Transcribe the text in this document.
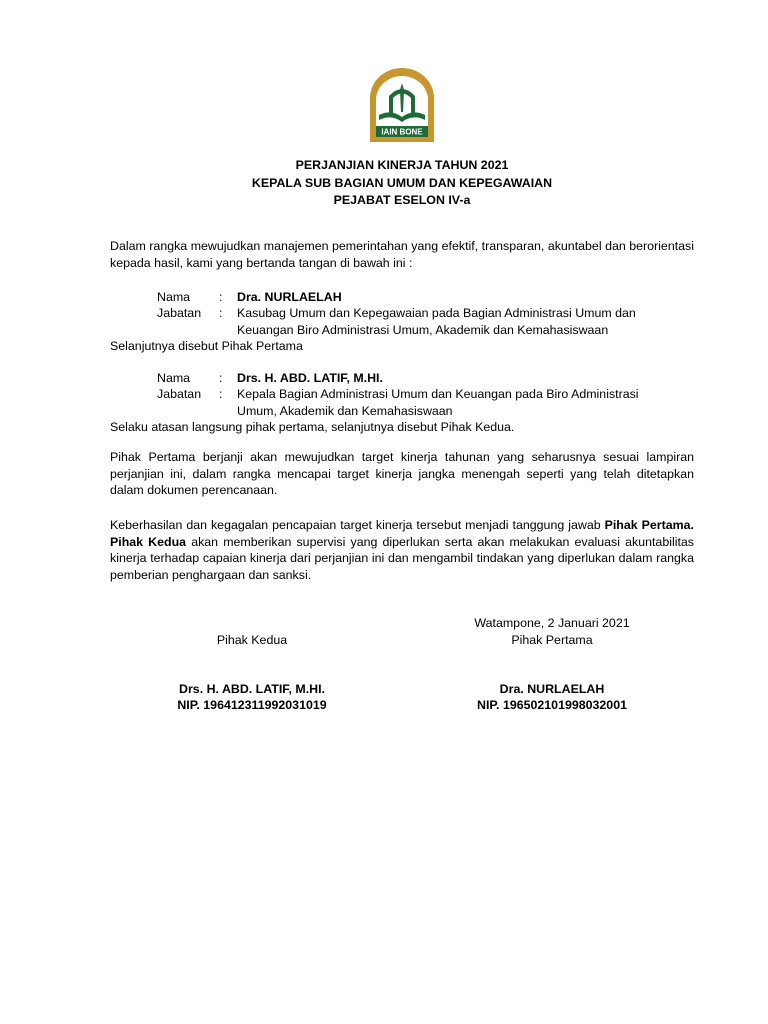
IAIN BONE
PERJANJIAN KINERJA TAHUN 2021
KEPALA SUB BAGIAN UMUM DAN KEPEGAWAIAN
PEJABAT ESELON IV-a
Dalam rangka mewujudkan manajemen pemerintahan yang efektif, transparan, akuntabel dan berorientasi kepada hasil, kami yang bertanda tangan di bawah ini :
Nama	:	Dra. NURLAELAH
Jabatan	:	Kasubag Umum dan Kepegawaian pada Bagian Administrasi Umum dan
Keuangan Biro Administrasi Umum, Akademik dan Kemahasiswaan
Selanjutnya disebut Pihak Pertama
Nama	:	Drs. H. ABD. LATIF, M.HI.
Jabatan	:	Kepala Bagian Administrasi Umum dan Keuangan pada Biro Administrasi
Umum, Akademik dan Kemahasiswaan
Selaku atasan langsung pihak pertama, selanjutnya disebut Pihak Kedua.
Pihak Pertama berjanji akan mewujudkan target kinerja tahunan yang seharusnya sesuai lampiran perjanjian ini, dalam rangka mencapai target kinerja jangka menengah seperti yang telah ditetapkan dalam dokumen perencanaan.
Keberhasilan dan kegagalan pencapaian target kinerja tersebut menjadi tanggung jawab Pihak Pertama. Pihak Kedua akan memberikan supervisi yang diperlukan serta akan melakukan evaluasi akuntabilitas kinerja terhadap capaian kinerja dari perjanjian ini dan mengambil tindakan yang diperlukan dalam rangka pemberian penghargaan dan sanksi.
Watampone, 2 Januari 2021
Pihak Kedua	Pihak Pertama
Drs. H. ABD. LATIF, M.HI.
NIP. 196412311992031019
Dra. NURLAELAH
NIP. 196502101998032001
